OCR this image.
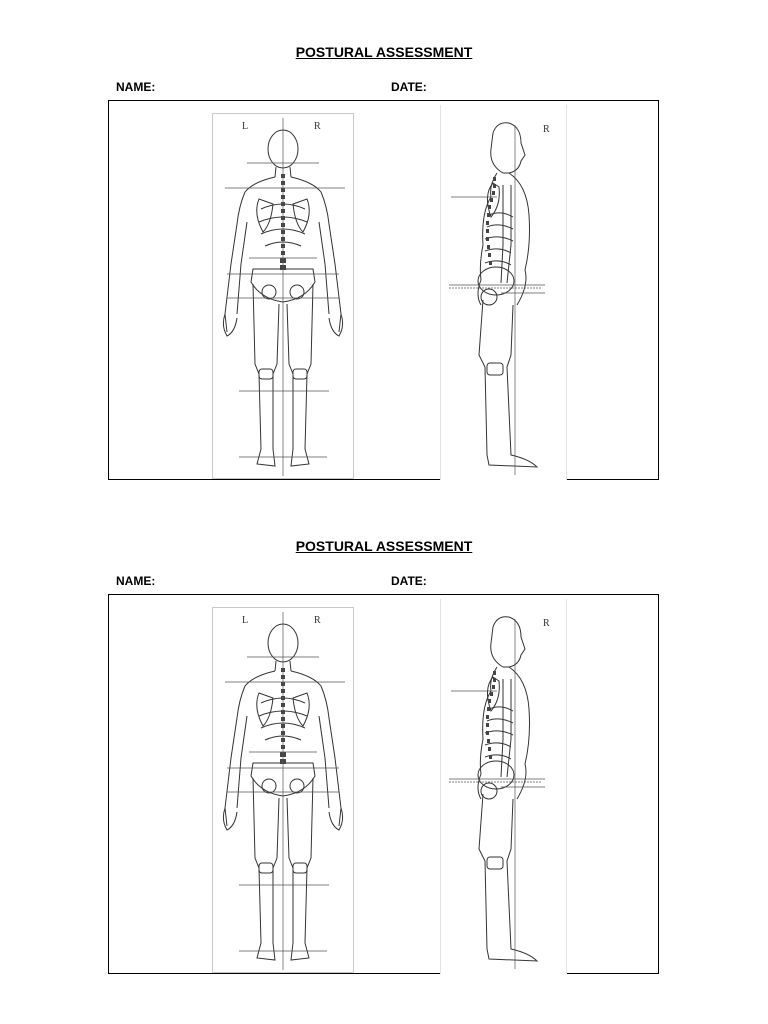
POSTURAL ASSESSMENT
NAME:	DATE:
L	R	R
POSTURAL ASSESSMENT
NAME:	DATE:
L	R	R
